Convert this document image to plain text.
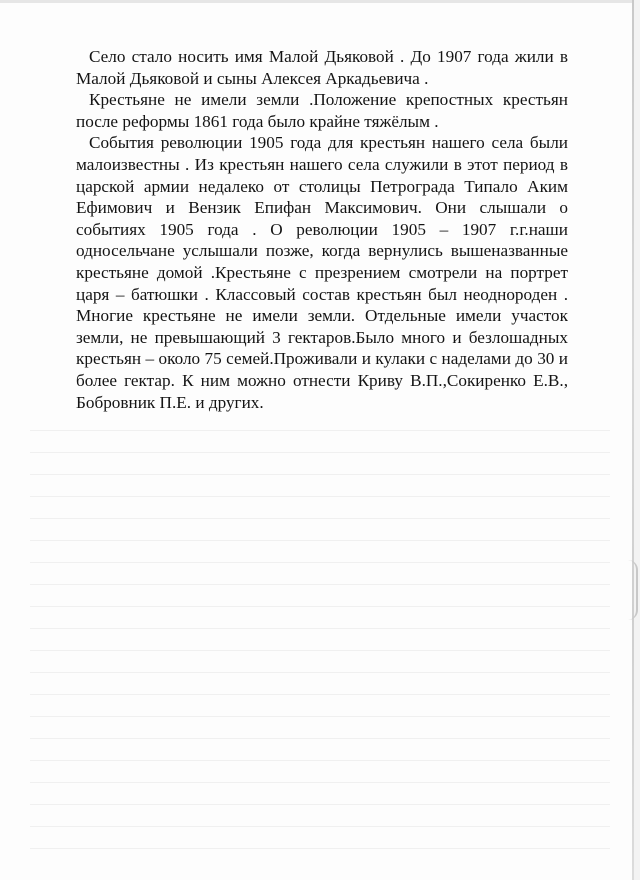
Село стало носить имя Малой Дьяковой . До 1907 года жили в Малой Дьяковой и сыны Алексея Аркадьевича .

Крестьяне не имели земли .Положение крепостных крестьян после реформы 1861 года было крайне тяжёлым .

События революции 1905 года для крестьян нашего села были малоизвестны . Из крестьян нашего села служили в этот период в царской армии недалеко от столицы Петрограда Типало Аким Ефимович и Вензик Епифан Максимович. Они слышали о событиях 1905 года . О революции 1905 – 1907 г.г.наши односельчане услышали позже, когда вернулись вышеназванные крестьяне домой .Крестьяне с презрением смотрели на портрет царя – батюшки . Классовый состав крестьян был неоднороден . Многие крестьяне не имели земли. Отдельные имели участок земли, не превышающий 3 гектаров.Было много и безлошадных крестьян – около 75 семей.Проживали и кулаки с наделами до 30 и более гектар. К ним можно отнести Криву В.П.,Сокиренко Е.В., Бобровник П.Е. и других.
